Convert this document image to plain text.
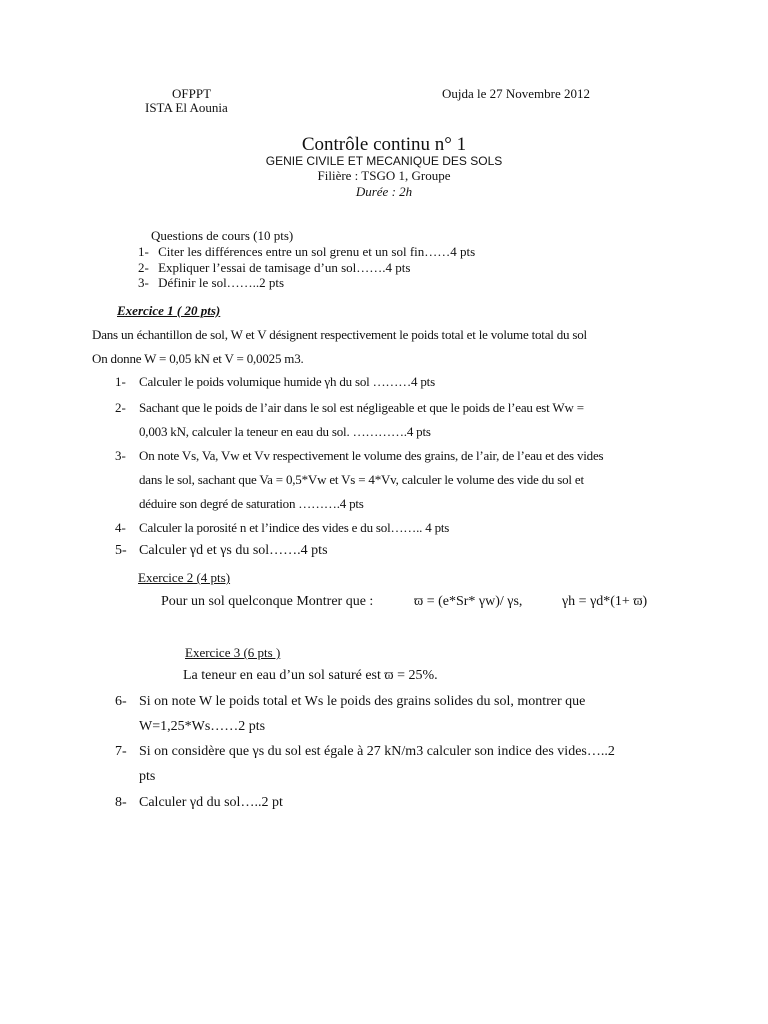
OFPPT
ISTA El Aounia
Oujda le 27 Novembre 2012
Contrôle continu n° 1
GENIE CIVILE ET MECANIQUE DES SOLS
Filière : TSGO 1, Groupe
Durée : 2h
Questions de cours (10 pts)
1- Citer les différences entre un sol grenu et un sol fin……4 pts
2- Expliquer l’essai de tamisage d’un sol…….4 pts
3- Définir le sol……..2 pts
Exercice 1 ( 20 pts)
Dans un échantillon de sol, W et V désignent respectivement le poids total et le volume total du sol
On donne W = 0,05 kN et V = 0,0025 m3.
1- Calculer le poids volumique humide γh du sol ………4 pts
2- Sachant que le poids de l’air dans le sol est négligeable et que le poids de l’eau est Ww =
0,003 kN, calculer la teneur en eau du sol. ………….4 pts
3- On note Vs, Va, Vw et Vv respectivement le volume des grains, de l’air, de l’eau et des vides
dans le sol, sachant que Va = 0,5*Vw et Vs = 4*Vv, calculer le volume des vide du sol et
déduire son degré de saturation ……….4 pts
4- Calculer la porosité n et l’indice des vides e du sol…….. 4 pts
5- Calculer γd et γs du sol…….4 pts
Exercice 2 (4 pts)
Pour un sol quelconque Montrer que :	ϖ = (e*Sr* γw)/ γs,	γh = γd*(1+ ϖ)
Exercice 3 (6 pts )
La teneur en eau d’un sol saturé est ϖ = 25%.
6- Si on note W le poids total et Ws le poids des grains solides du sol, montrer que
W=1,25*Ws……2 pts
7- Si on considère que γs du sol est égale à 27 kN/m3 calculer son indice des vides…..2
pts
8- Calculer γd du sol…..2 pt
